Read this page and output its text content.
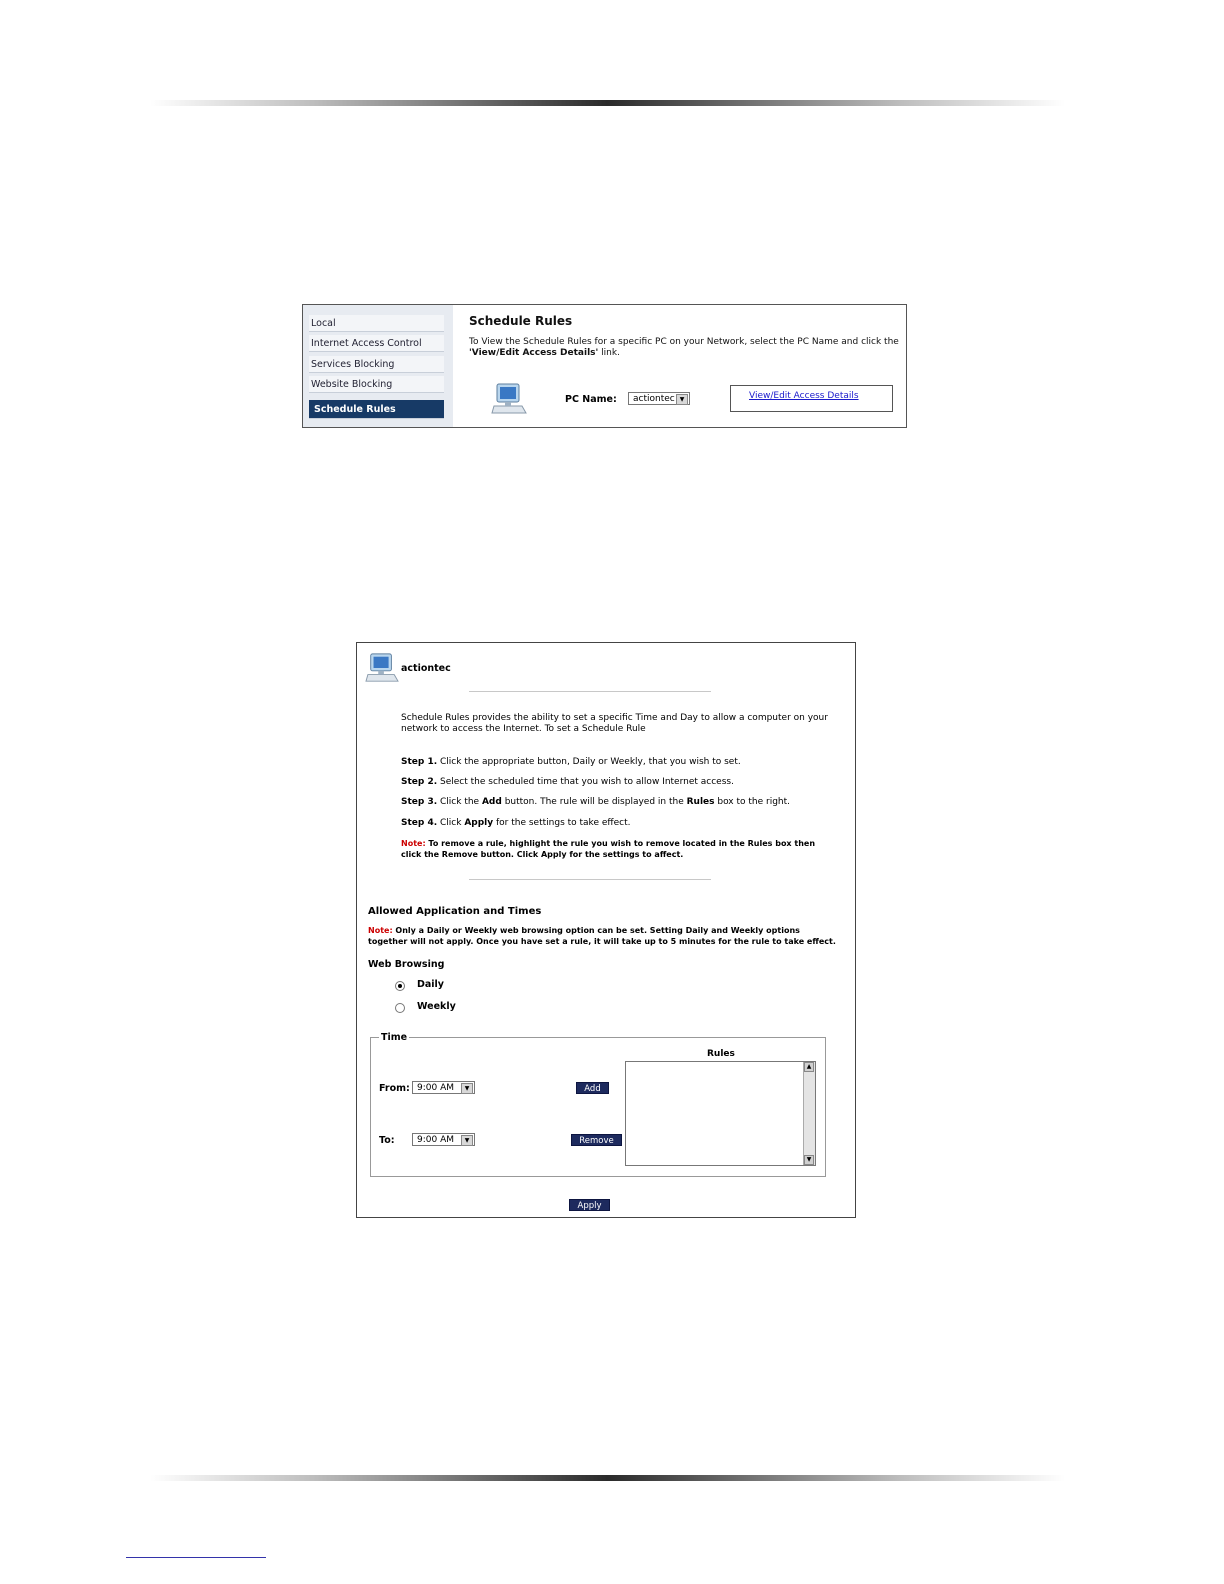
Local
Internet Access Control
Services Blocking
Website Blocking
Schedule Rules
Schedule Rules
To View the Schedule Rules for a specific PC on your Network, select the PC Name and click the
'View/Edit Access Details' link.
PC Name:	actiontec ▼	View/Edit Access Details
actiontec
Schedule Rules provides the ability to set a specific Time and Day to allow a computer on your network to access the Internet. To set a Schedule Rule
Step 1. Click the appropriate button, Daily or Weekly, that you wish to set.
Step 2. Select the scheduled time that you wish to allow Internet access.
Step 3. Click the Add button. The rule will be displayed in the Rules box to the right.
Step 4. Click Apply for the settings to take effect.
Note: To remove a rule, highlight the rule you wish to remove located in the Rules box then click the Remove button. Click Apply for the settings to affect.
Allowed Application and Times
Note: Only a Daily or Weekly web browsing option can be set. Setting Daily and Weekly options together will not apply. Once you have set a rule, it will take up to 5 minutes for the rule to take effect.
Web Browsing
Daily
Weekly
Time
Rules
▲
▼
From: 9:00 AM	▼
To:	9:00 AM	▼
Add
Remove
Apply
